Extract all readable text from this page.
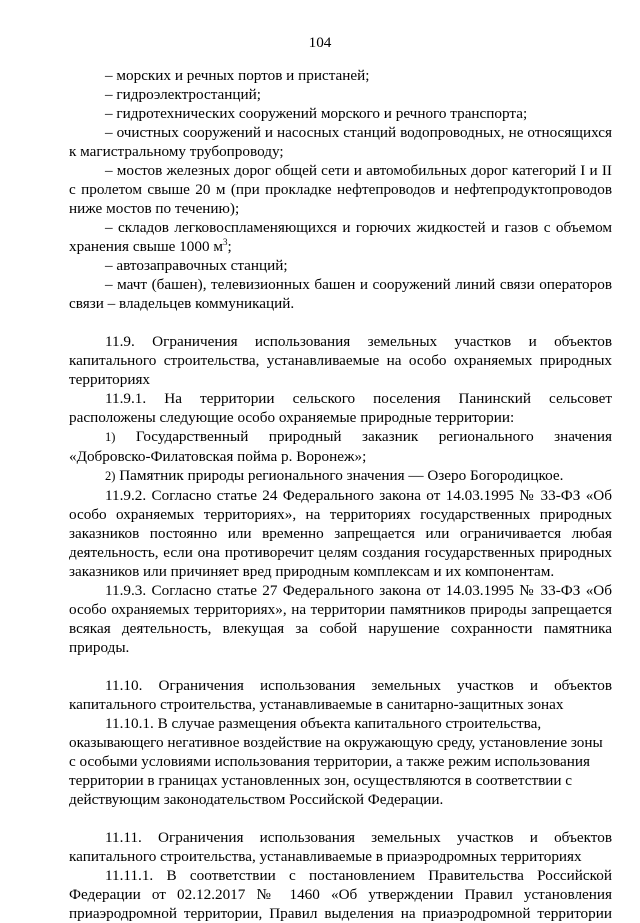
104

– морских и речных портов и пристаней;

– гидроэлектростанций;

– гидротехнических сооружений морского и речного транспорта;

– очистных сооружений и насосных станций водопроводных, не относящихся к магистральному трубопроводу;

– мостов железных дорог общей сети и автомобильных дорог категорий I и II с пролетом свыше 20 м (при прокладке нефтепроводов и нефтепродуктопроводов ниже мостов по течению);

– складов легковоспламеняющихся и горючих жидкостей и газов с объемом хранения свыше 1000 $м^3$;

– автозаправочных станций;

– мачт (башен), телевизионных башен и сооружений линий связи операторов связи – владельцев коммуникаций.

11.9. Ограничения использования земельных участков и объектов капитального строительства, устанавливаемые на особо охраняемых природных территориях

11.9.1. На территории сельского поселения Панинский сельсовет расположены следующие особо охраняемые природные территории:

1) Государственный природный заказник регионального значения «Добровско-Филатовская пойма р. Воронеж»;

2) Памятник природы регионального значения — Озеро Богородицкое.

11.9.2. Согласно статье 24 Федерального закона от 14.03.1995 № 33-ФЗ «Об особо охраняемых территориях», на территориях государственных природных заказников постоянно или временно запрещается или ограничивается любая деятельность, если она противоречит целям создания государственных природных заказников или причиняет вред природным комплексам и их компонентам.

11.9.3. Согласно статье 27 Федерального закона от 14.03.1995 № 33-ФЗ «Об особо охраняемых территориях», на территории памятников природы запрещается всякая деятельность, влекущая за собой нарушение сохранности памятника природы.

11.10. Ограничения использования земельных участков и объектов капитального строительства, устанавливаемые в санитарно-защитных зонах

11.10.1. В случае размещения объекта капитального строительства, оказывающего негативное воздействие на окружающую среду, установление зоны с особыми условиями использования территории, а также режим использования территории в границах установленных зон, осуществляются в соответствии с действующим законодательством Российской Федерации.

11.11. Ограничения использования земельных участков и объектов капитального строительства, устанавливаемые в приаэродромных территориях

11.11.1. В соответствии с постановлением Правительства Российской Федерации от 02.12.2017 № 1460 «Об утверждении Правил установления приаэродромной территории, Правил выделения на приаэродромной территории
